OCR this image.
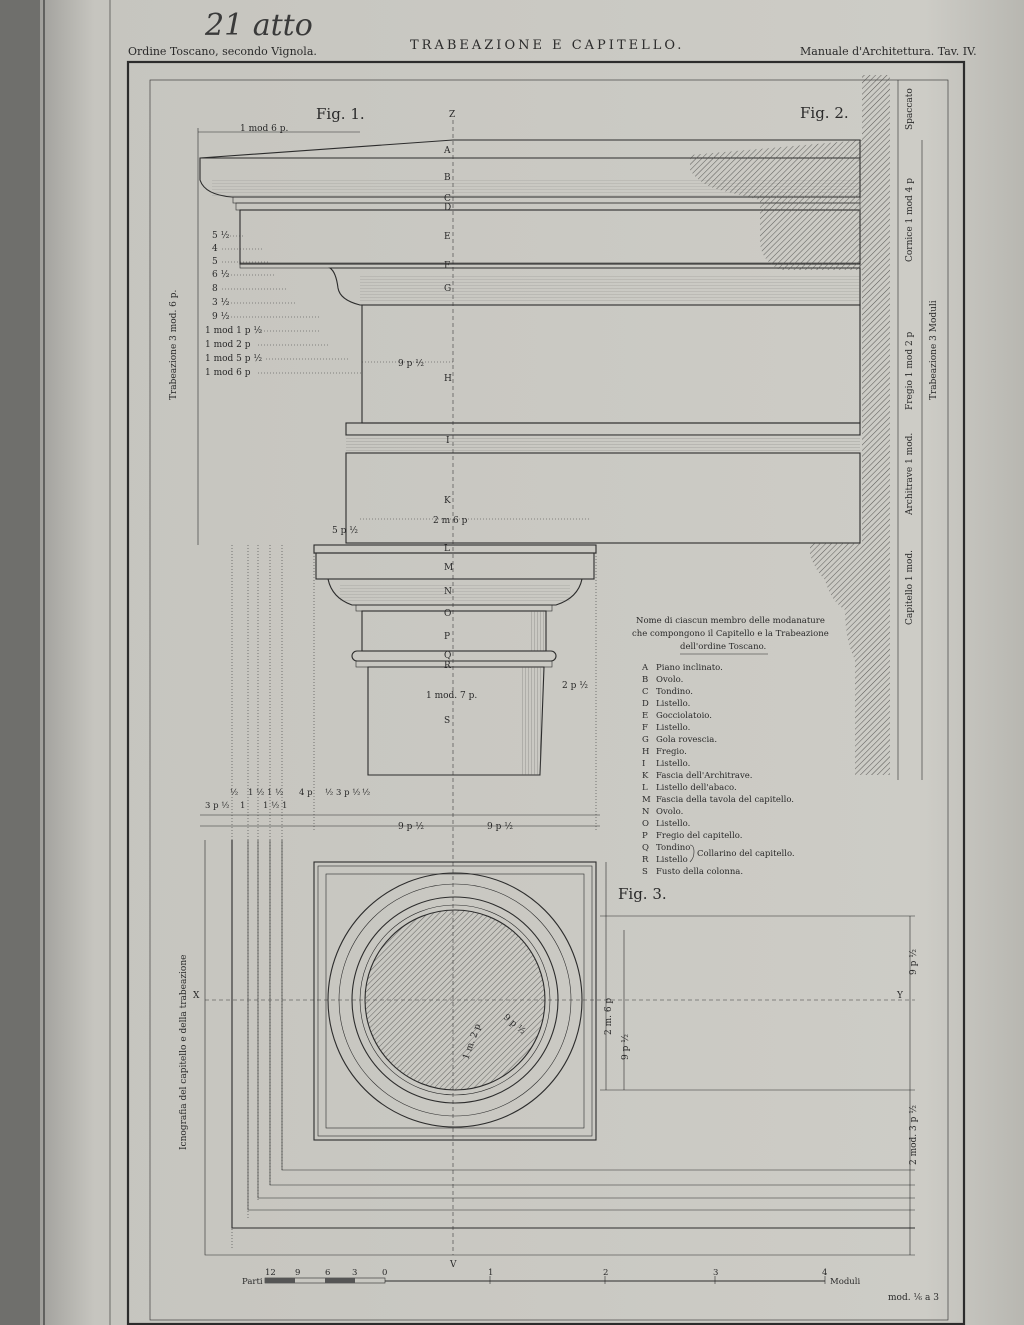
21 atto
Ordine Toscano, secondo Vignola.	TRABEAZIONE E CAPITELLO.	Manuale d'Architettura. Tav. IV.
Fig. 1.	Fig. 2.
Fig. 3.
Z
V
X	Y
1 mod 6 p.
5 ½
4
5
6 ½
8
3 ½
9 ½
1 mod 1 p ½
1 mod 2 p
1 mod 5 p ½
1 mod 6 p
Trabeazione 3 mod. 6 p.	9 p ½
2 m 6 p
A
B
C
D
E
F
G
H
I
K
L
M
N
O
P
Q
R
S
5 p ½
1 mod. 7 p.
2 p ½
½ 1 ½ 1 ½ 4 p ½ 3 p ½ ½
3 p ½ 1 1 ½ 1
9 p ½	9 p ½
Spaccato
Cornice 1 mod 4 p
Fregio 1 mod 2 p
Architrave 1 mod.
Capitello 1 mod.
Trabeazione 3 Moduli
Nome di ciascun membro delle modanature
che compongono il Capitello e la Trabeazione
dell'ordine Toscano.
A Piano inclinato.
B Ovolo.
C Tondino.
D Listello.
E Gocciolatoio.
F Listello.
G Gola rovescia.
H Fregio.
I Listello.
K Fascia dell'Architrave.
L Listello dell'abaco.
M Fascia della tavola del capitello.
N Ovolo.
O Listello.
P Fregio del capitello.
Q Tondino
R Listello
S Fusto della colonna.
Collarino del capitello.
9 p ½
1 m. 2 p
Icnografia del capitello e della trabeazione	2 m. 6 p
9 p ½
9 p ½
2 mod. 3 p ½
Parti
12 9	6	3	0	1	2	3	4
Moduli
mod. ⅙ a 3
